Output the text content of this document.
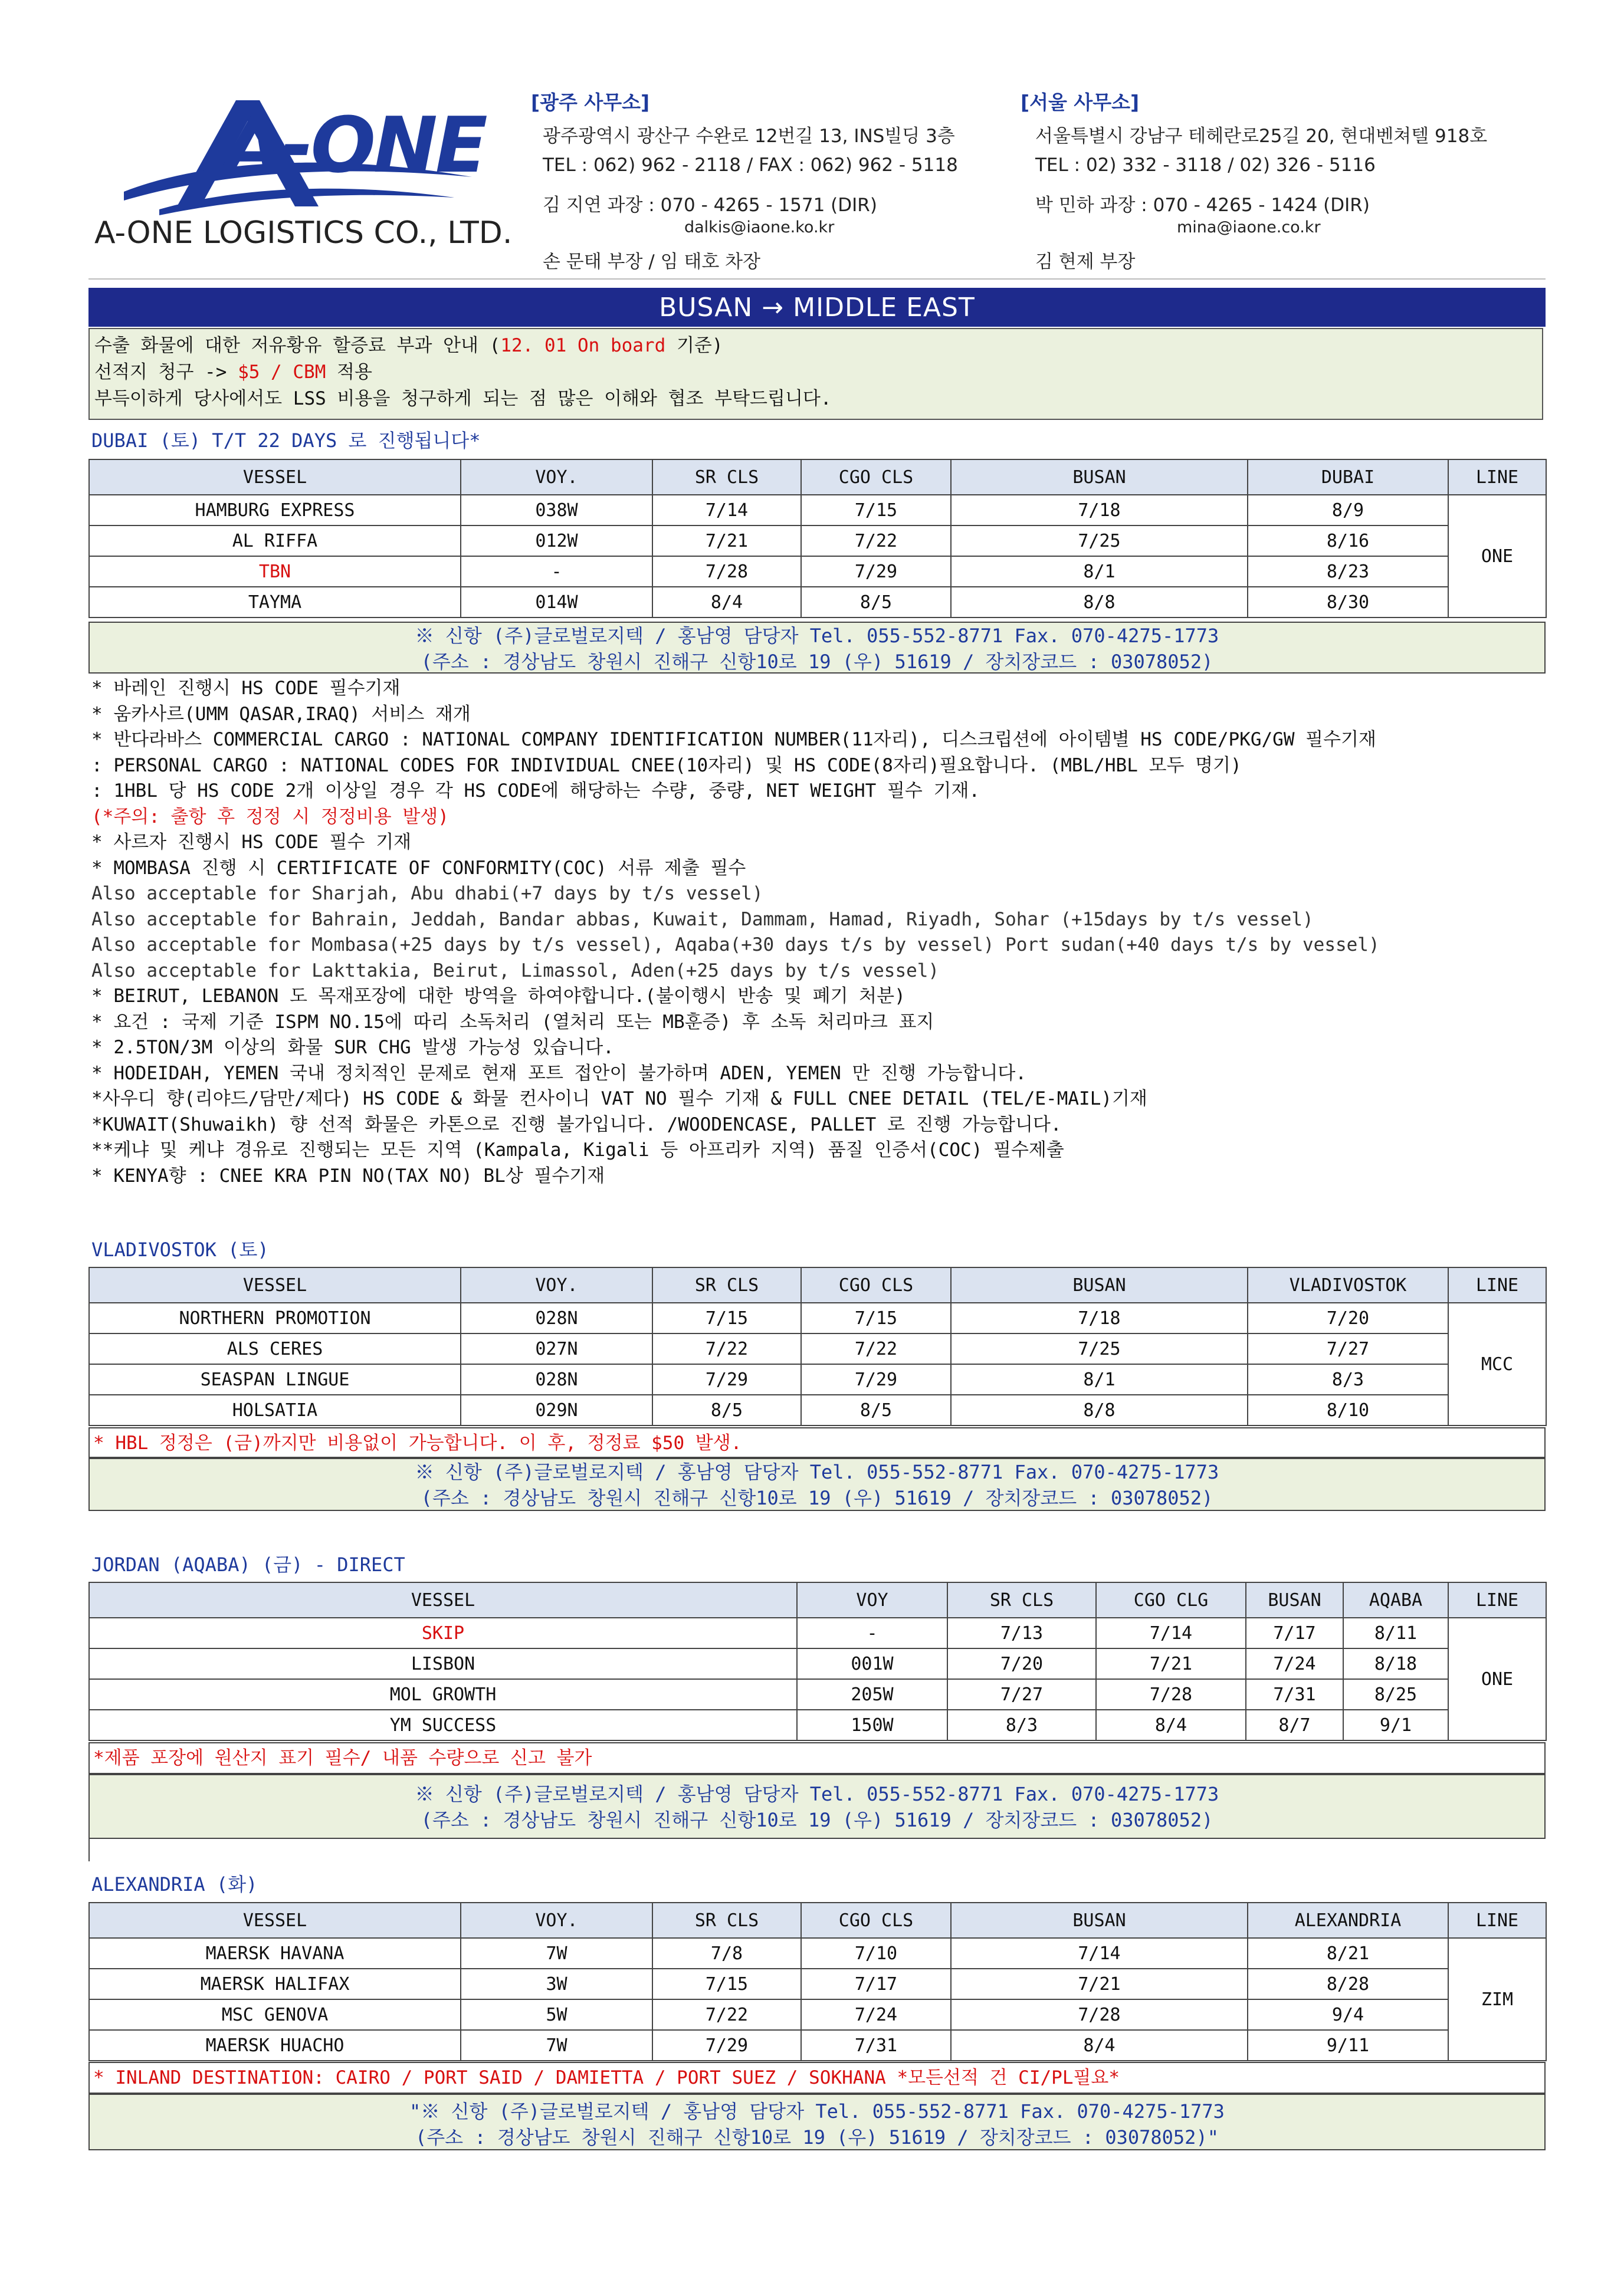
A-ONE
A-ONE LOGISTICS CO., LTD.
[광주 사무소]
광주광역시 광산구 수완로 12번길 13, INS빌딩 3층
TEL : 062) 962 - 2118 / FAX : 062) 962 - 5118
김 지연 과장 : 070 - 4265 - 1571 (DIR)
dalkis@iaone.ko.kr
손 문태 부장 / 임 태호 차장
[서울 사무소]
서울특별시 강남구 테헤란로25길 20, 현대벤쳐텔 918호
TEL : 02) 332 - 3118 / 02) 326 - 5116
박 민하 과장 : 070 - 4265 - 1424 (DIR)
mina@iaone.co.kr
김 현제 부장
BUSAN → MIDDLE EAST
수출 화물에 대한 저유황유 할증료 부과 안내 (12. 01 On board 기준)
선적지 청구 -> $5 / CBM 적용
부득이하게 당사에서도 LSS 비용을 청구하게 되는 점 많은 이해와 협조 부탁드립니다.
DUBAI (토) T/T 22 DAYS 로 진행됩니다*
VESSEL	VOY.	SR CLS	CGO CLS	BUSAN	DUBAI	LINE
HAMBURG EXPRESS	038W	7/14	7/15	7/18	8/9	ONE
AL RIFFA	012W	7/21	7/22	7/25	8/16	
TBN	-	7/28	7/29	8/1	8/23	
TAYMA	014W	8/4	8/5	8/8	8/30	
※ 신항 (주)글로벌로지텍 / 홍남영 담당자 Tel. 055-552-8771 Fax. 070-4275-1773
(주소 : 경상남도 창원시 진해구 신항10로 19 (우) 51619 / 장치장코드 : 03078052)
* 바레인 진행시 HS CODE 필수기재
* 움카사르(UMM QASAR,IRAQ) 서비스 재개
* 반다라바스 COMMERCIAL CARGO : NATIONAL COMPANY IDENTIFICATION NUMBER(11자리), 디스크립션에 아이템별 HS CODE/PKG/GW 필수기재
: PERSONAL CARGO : NATIONAL CODES FOR INDIVIDUAL CNEE(10자리) 및 HS CODE(8자리)필요합니다. (MBL/HBL 모두 명기)
: 1HBL 당 HS CODE 2개 이상일 경우 각 HS CODE에 해당하는 수량, 중량, NET WEIGHT 필수 기재.
(*주의: 출항 후 정정 시 정정비용 발생)
* 사르자 진행시 HS CODE 필수 기재
* MOMBASA 진행 시 CERTIFICATE OF CONFORMITY(COC) 서류 제출 필수
Also acceptable for Sharjah, Abu dhabi(+7 days by t/s vessel)
Also acceptable for Bahrain, Jeddah, Bandar abbas, Kuwait, Dammam, Hamad, Riyadh, Sohar (+15days by t/s vessel)
Also acceptable for Mombasa(+25 days by t/s vessel), Aqaba(+30 days t/s by vessel) Port sudan(+40 days t/s by vessel)
Also acceptable for Lakttakia, Beirut, Limassol, Aden(+25 days by t/s vessel)
* BEIRUT, LEBANON 도 목재포장에 대한 방역을 하여야합니다.(불이행시 반송 및 폐기 처분)
* 요건 : 국제 기준 ISPM NO.15에 따리 소독처리 (열처리 또는 MB훈증) 후 소독 처리마크 표지
* 2.5TON/3M 이상의 화물 SUR CHG 발생 가능성 있습니다.
* HODEIDAH, YEMEN 국내 정치적인 문제로 현재 포트 접안이 불가하며 ADEN, YEMEN 만 진행 가능합니다.
*사우디 향(리야드/담만/제다) HS CODE & 화물 컨사이니 VAT NO 필수 기재 & FULL CNEE DETAIL (TEL/E-MAIL)기재
*KUWAIT(Shuwaikh) 향 선적 화물은 카톤으로 진행 불가입니다. /WOODENCASE, PALLET 로 진행 가능합니다.
**케냐 및 케냐 경유로 진행되는 모든 지역 (Kampala, Kigali 등 아프리카 지역) 품질 인증서(COC) 필수제출
* KENYA향 : CNEE KRA PIN NO(TAX NO) BL상 필수기재
VLADIVOSTOK (토)
VESSEL	VOY.	SR CLS	CGO CLS	BUSAN	VLADIVOSTOK	LINE
NORTHERN PROMOTION	028N	7/15	7/15	7/18	7/20	MCC
ALS CERES	027N	7/22	7/22	7/25	7/27	
SEASPAN LINGUE	028N	7/29	7/29	8/1	8/3	
HOLSATIA	029N	8/5	8/5	8/8	8/10	
* HBL 정정은 (금)까지만 비용없이 가능합니다. 이 후, 정정료 $50 발생.
※ 신항 (주)글로벌로지텍 / 홍남영 담당자 Tel. 055-552-8771 Fax. 070-4275-1773
(주소 : 경상남도 창원시 진해구 신항10로 19 (우) 51619 / 장치장코드 : 03078052)
JORDAN (AQABA) (금) - DIRECT
VESSEL	VOY	SR CLS	CGO CLG	BUSAN	AQABA	LINE
SKIP	-	7/13	7/14	7/17	8/11	ONE
LISBON	001W	7/20	7/21	7/24	8/18	
MOL GROWTH	205W	7/27	7/28	7/31	8/25	
YM SUCCESS	150W	8/3	8/4	8/7	9/1	
*제품 포장에 원산지 표기 필수/ 내품 수량으로 신고 불가
※ 신항 (주)글로벌로지텍 / 홍남영 담당자 Tel. 055-552-8771 Fax. 070-4275-1773
(주소 : 경상남도 창원시 진해구 신항10로 19 (우) 51619 / 장치장코드 : 03078052)
ALEXANDRIA (화)
VESSEL	VOY.	SR CLS	CGO CLS	BUSAN	ALEXANDRIA	LINE
MAERSK HAVANA	7W	7/8	7/10	7/14	8/21	ZIM
MAERSK HALIFAX	3W	7/15	7/17	7/21	8/28	
MSC GENOVA	5W	7/22	7/24	7/28	9/4	
MAERSK HUACHO	7W	7/29	7/31	8/4	9/11	
* INLAND DESTINATION: CAIRO / PORT SAID / DAMIETTA / PORT SUEZ / SOKHANA *모든선적 건 CI/PL필요*
"※ 신항 (주)글로벌로지텍 / 홍남영 담당자 Tel. 055-552-8771 Fax. 070-4275-1773
(주소 : 경상남도 창원시 진해구 신항10로 19 (우) 51619 / 장치장코드 : 03078052)"
